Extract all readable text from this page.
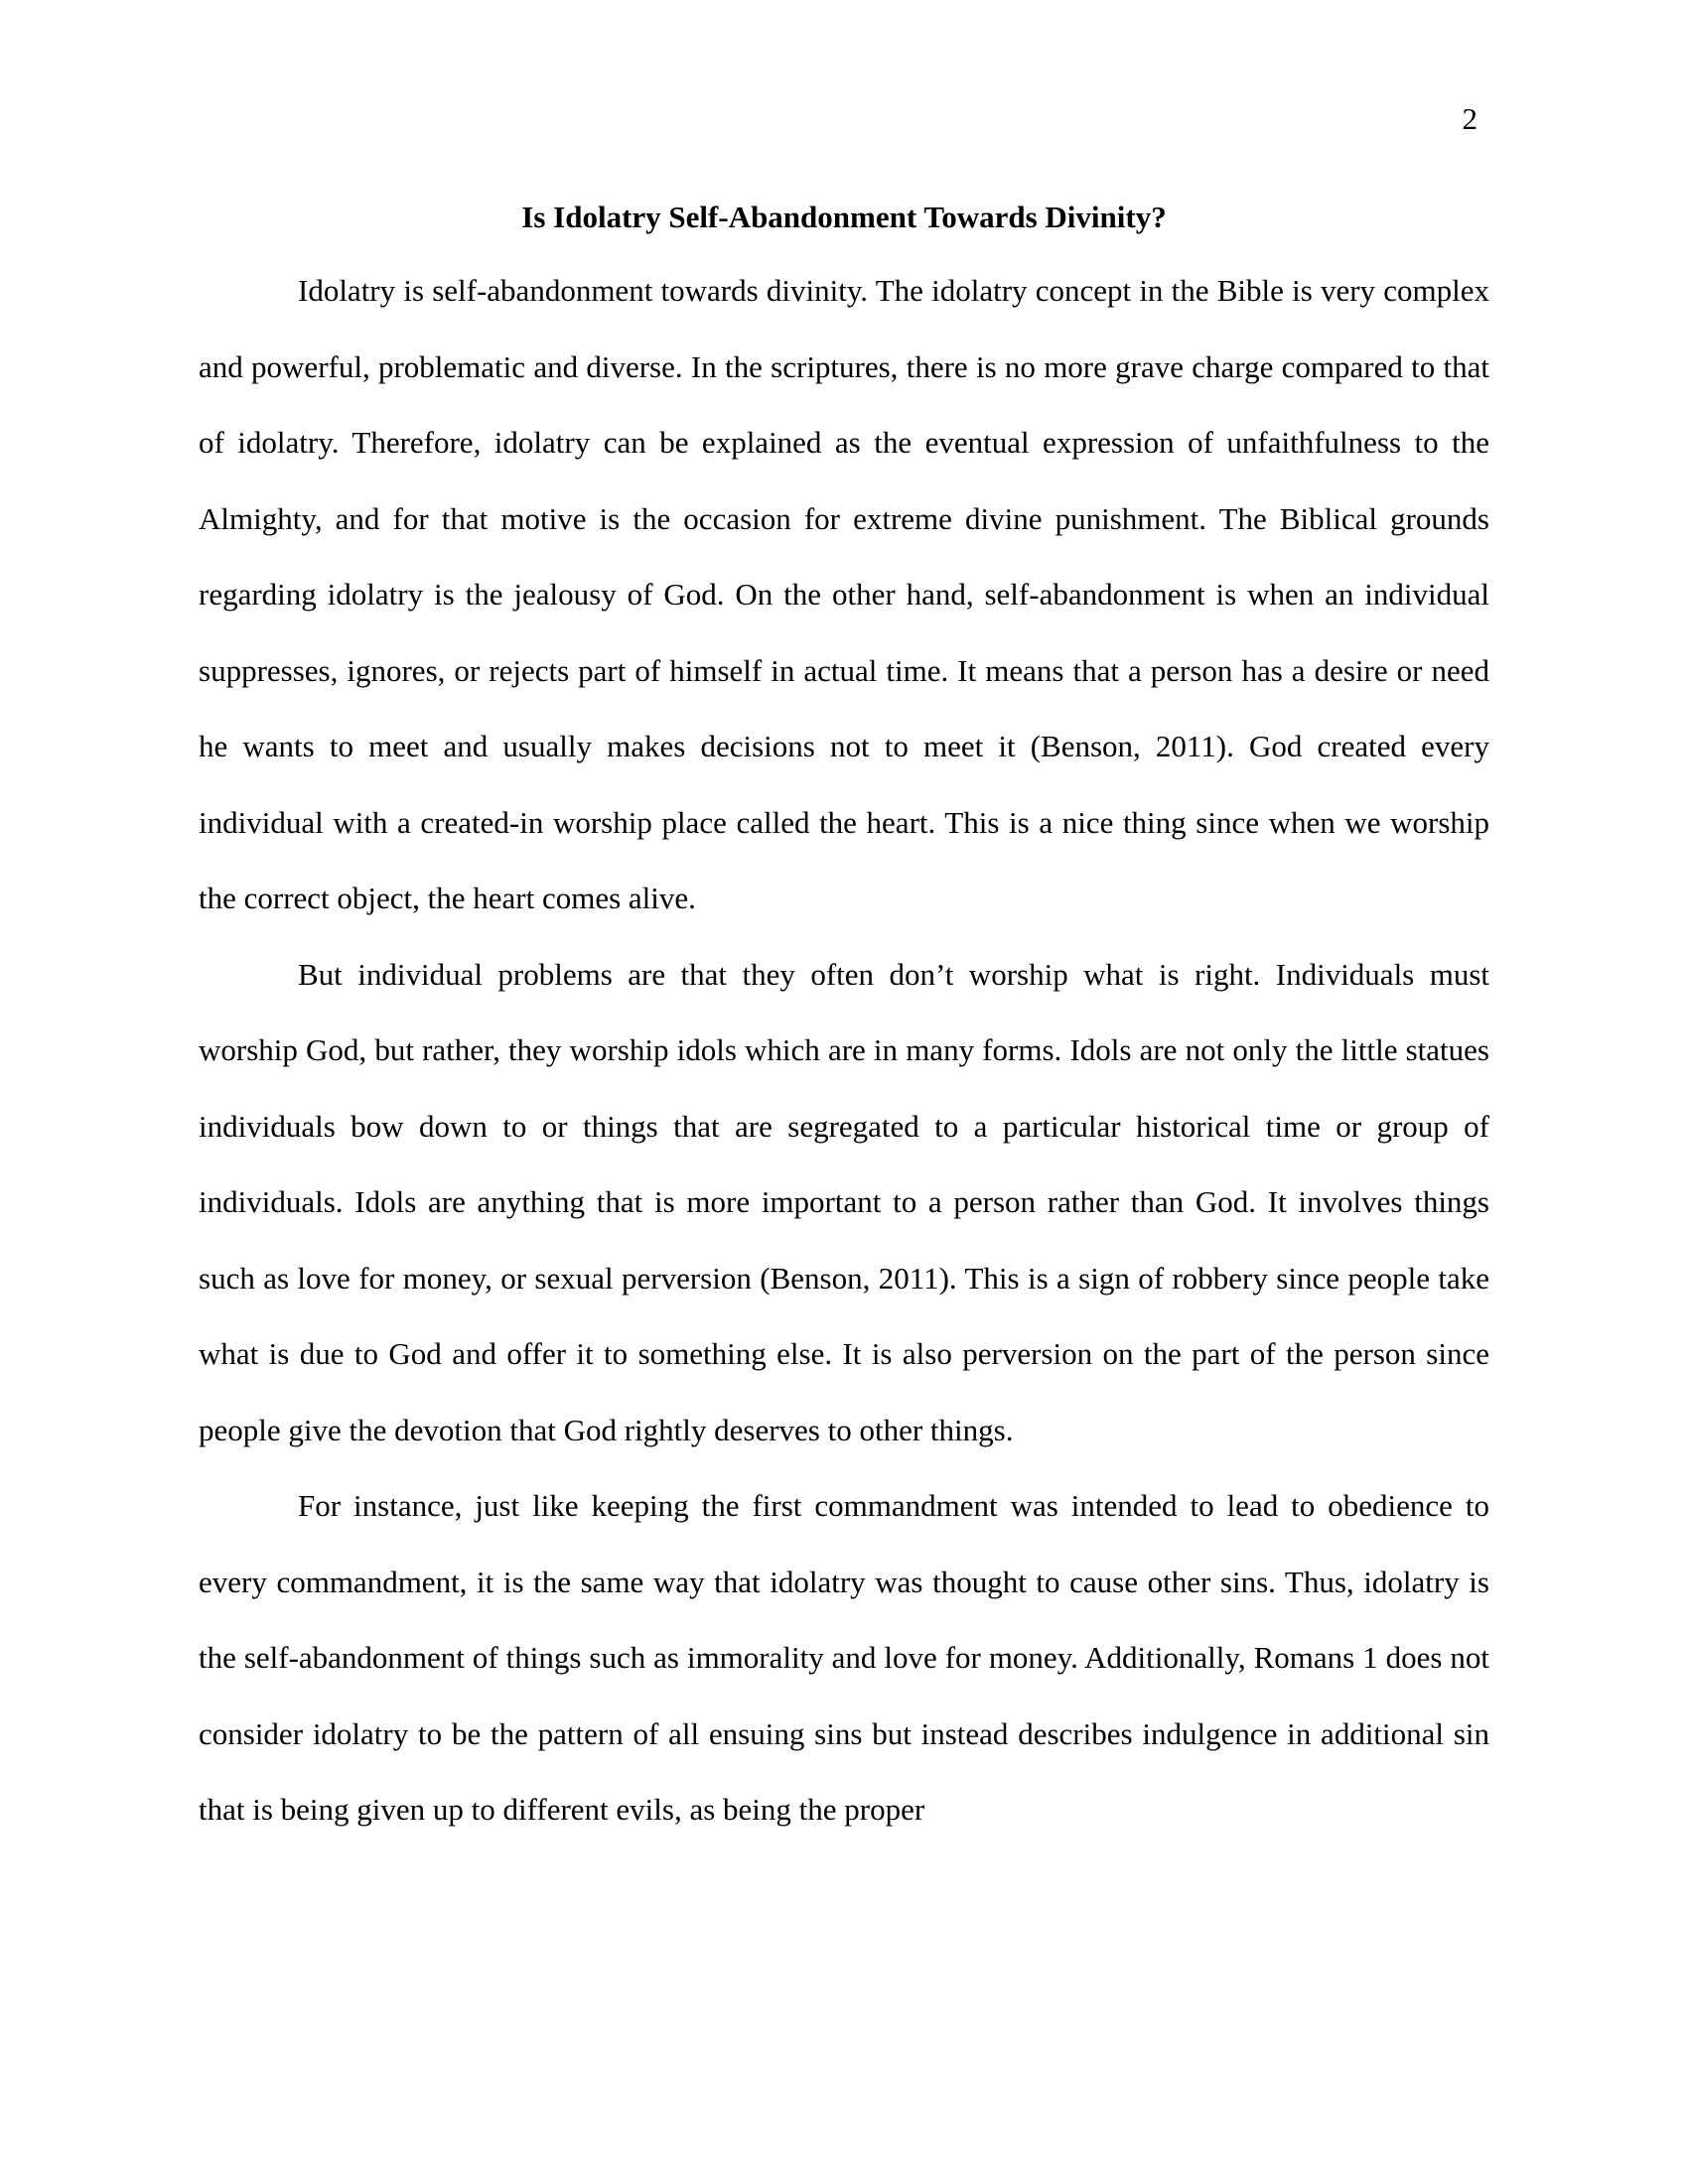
2
Is Idolatry Self-Abandonment Towards Divinity?

Idolatry is self-abandonment towards divinity. The idolatry concept in the Bible is very complex and powerful, problematic and diverse. In the scriptures, there is no more grave charge compared to that of idolatry. Therefore, idolatry can be explained as the eventual expression of unfaithfulness to the Almighty, and for that motive is the occasion for extreme divine punishment. The Biblical grounds regarding idolatry is the jealousy of God. On the other hand, self-abandonment is when an individual suppresses, ignores, or rejects part of himself in actual time. It means that a person has a desire or need he wants to meet and usually makes decisions not to meet it (Benson, 2011). God created every individual with a created-in worship place called the heart. This is a nice thing since when we worship the correct object, the heart comes alive.

But individual problems are that they often don’t worship what is right. Individuals must worship God, but rather, they worship idols which are in many forms. Idols are not only the little statues individuals bow down to or things that are segregated to a particular historical time or group of individuals. Idols are anything that is more important to a person rather than God. It involves things such as love for money, or sexual perversion (Benson, 2011). This is a sign of robbery since people take what is due to God and offer it to something else. It is also perversion on the part of the person since people give the devotion that God rightly deserves to other things.

For instance, just like keeping the first commandment was intended to lead to obedience to every commandment, it is the same way that idolatry was thought to cause other sins. Thus, idolatry is the self-abandonment of things such as immorality and love for money. Additionally, Romans 1 does not consider idolatry to be the pattern of all ensuing sins but instead describes indulgence in additional sin that is being given up to different evils, as being the proper
